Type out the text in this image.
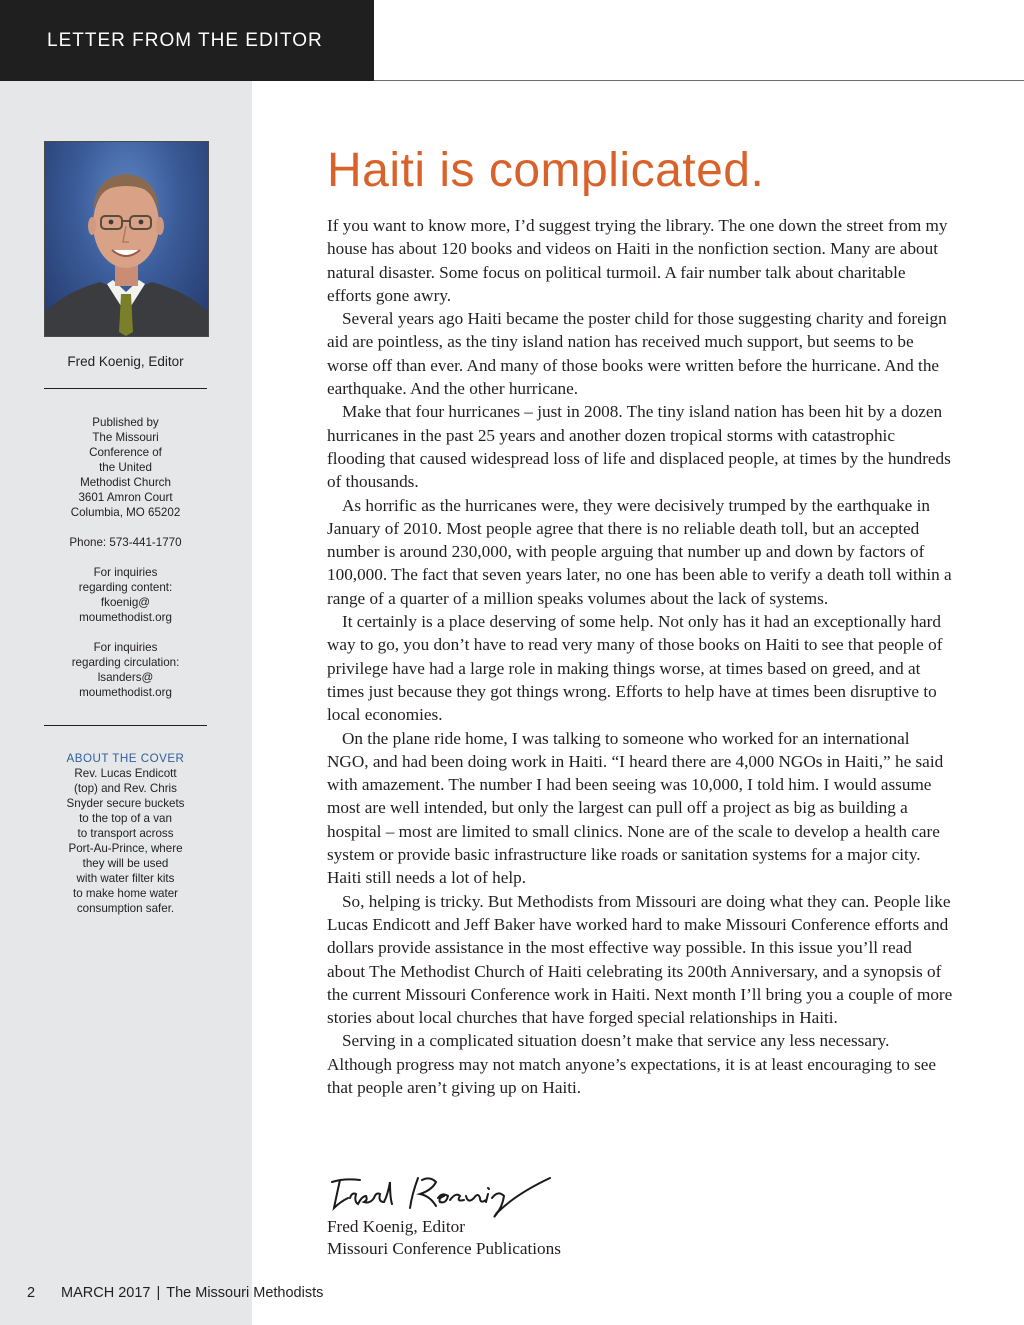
LETTER FROM THE EDITOR
Fred Koenig, Editor

Published by

The Missouri

Conference of

the United

Methodist Church

3601 Amron Court

Columbia, MO 65202

Phone: 573-441-1770

For inquiries

regarding content:

fkoenig@

moumethodist.org

For inquiries

regarding circulation:

lsanders@

moumethodist.org

ABOUT THE COVER
Rev. Lucas Endicott
(top) and Rev. Chris
Snyder secure buckets
to the top of a van
to transport across
Port-Au-Prince, where
they will be used
with water filter kits
to make home water
consumption safer.
Haiti is complicated.

If you want to know more, I’d suggest trying the library. The one down the street from my house has about 120 books and videos on Haiti in the nonfiction section. Many are about natural disaster. Some focus on political turmoil. A fair number talk about charitable efforts gone awry.

Several years ago Haiti became the poster child for those suggesting charity and foreign aid are pointless, as the tiny island nation has received much support, but seems to be worse off than ever. And many of those books were written before the hurricane. And the earthquake. And the other hurricane.

Make that four hurricanes – just in 2008. The tiny island nation has been hit by a dozen hurricanes in the past 25 years and another dozen tropical storms with catastrophic flooding that caused widespread loss of life and displaced people, at times by the hundreds of thousands.

As horrific as the hurricanes were, they were decisively trumped by the earthquake in January of 2010. Most people agree that there is no reliable death toll, but an accepted number is around 230,000, with people arguing that number up and down by factors of 100,000. The fact that seven years later, no one has been able to verify a death toll within a range of a quarter of a million speaks volumes about the lack of systems.

It certainly is a place deserving of some help. Not only has it had an exceptionally hard way to go, you don’t have to read very many of those books on Haiti to see that people of privilege have had a large role in making things worse, at times based on greed, and at times just because they got things wrong. Efforts to help have at times been disruptive to local economies.

On the plane ride home, I was talking to someone who worked for an international NGO, and had been doing work in Haiti. “I heard there are 4,000 NGOs in Haiti,” he said with amazement. The number I had been seeing was 10,000, I told him. I would assume most are well intended, but only the largest can pull off a project as big as building a hospital – most are limited to small clinics. None are of the scale to develop a health care system or provide basic infrastructure like roads or sanitation systems for a major city. Haiti still needs a lot of help.

So, helping is tricky. But Methodists from Missouri are doing what they can. People like Lucas Endicott and Jeff Baker have worked hard to make Missouri Conference efforts and dollars provide assistance in the most effective way possible. In this issue you’ll read about The Methodist Church of Haiti celebrating its 200th Anniversary, and a synopsis of the current Missouri Conference work in Haiti. Next month I’ll bring you a couple of more stories about local churches that have forged special relationships in Haiti.

Serving in a complicated situation doesn’t make that service any less necessary. Although progress may not match anyone’s expectations, it is at least encouraging to see that people aren’t giving up on Haiti.

Fred Koenig, Editor
Missouri Conference Publications
2 MARCH 2017 | The Missouri Methodists
